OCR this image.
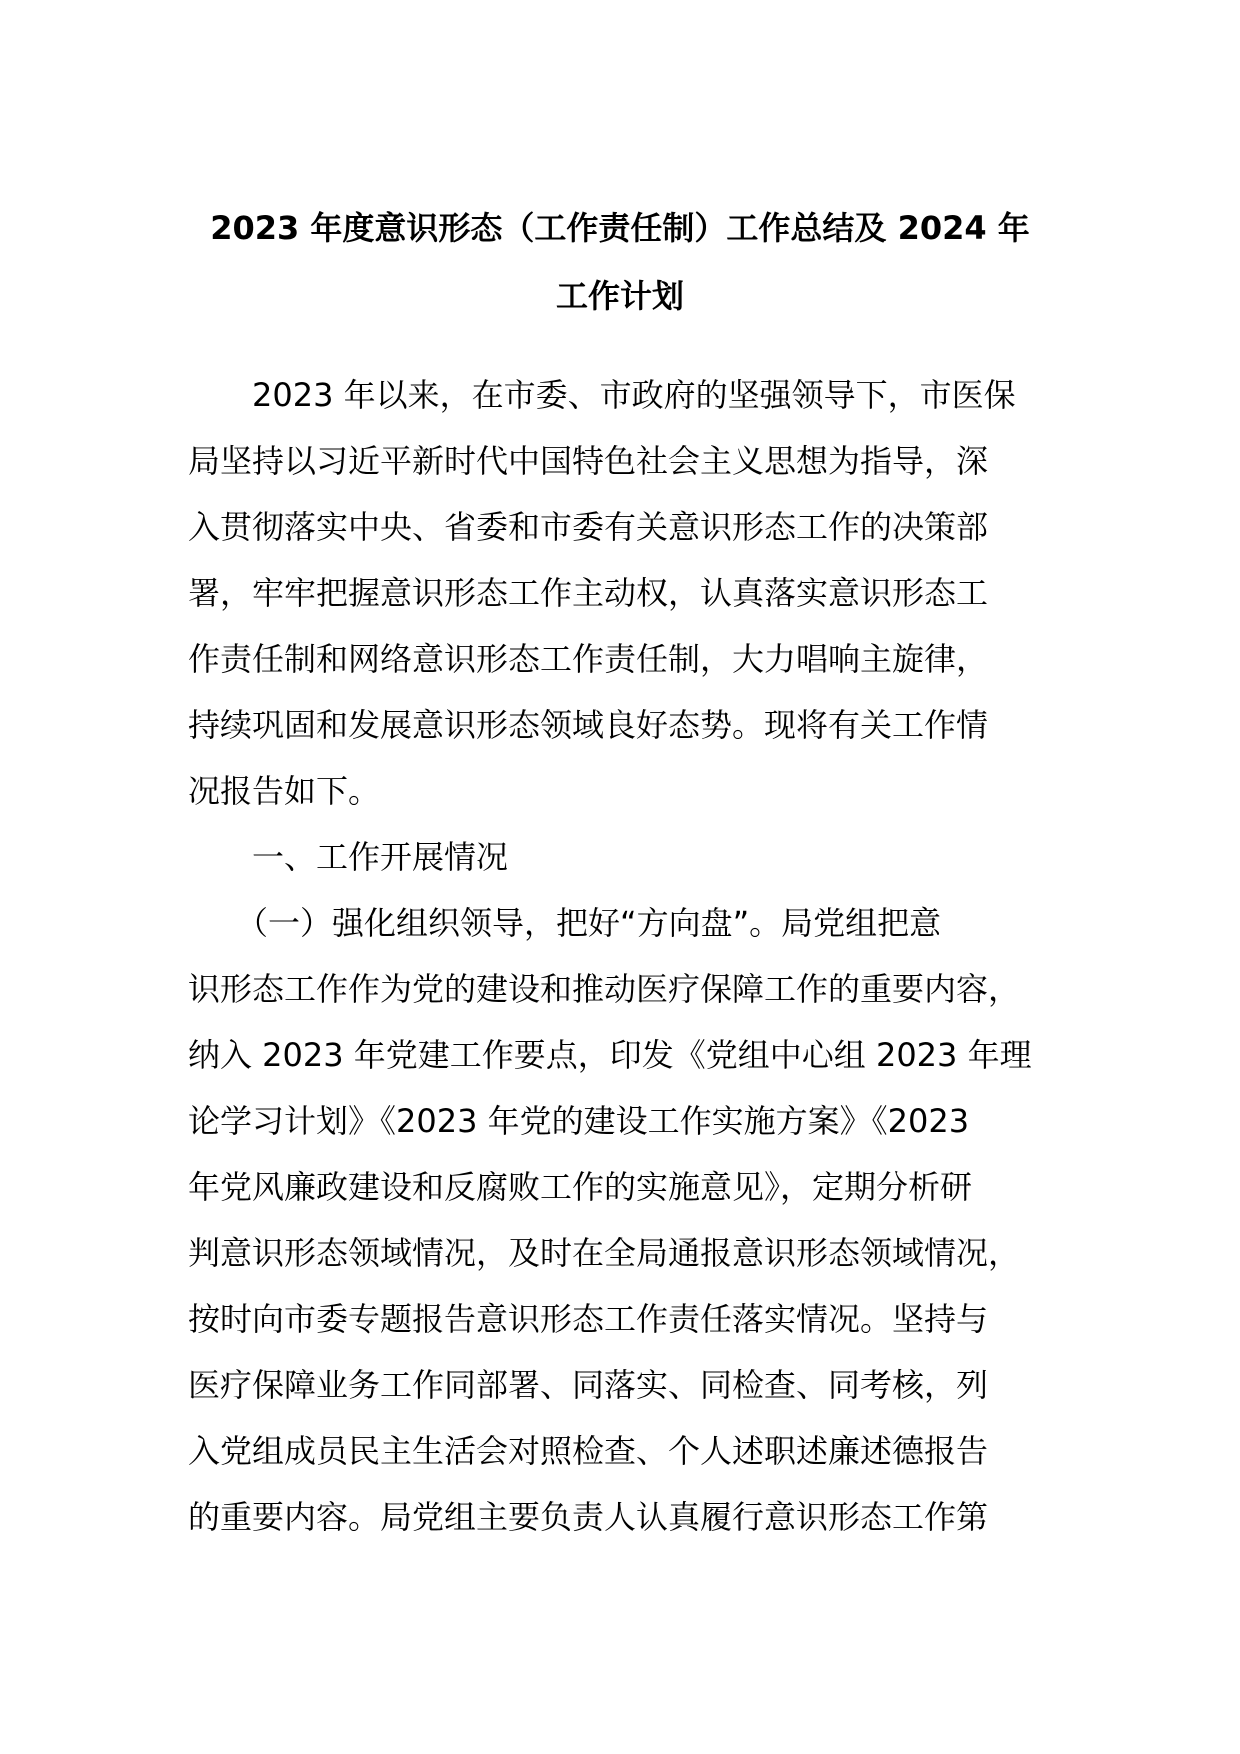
2023 年度意识形态（工作责任制）工作总结及 2024 年
工作计划
　　2023 年以来，在市委、市政府的坚强领导下，市医保
局坚持以习近平新时代中国特色社会主义思想为指导，深
入贯彻落实中央、省委和市委有关意识形态工作的决策部
署，牢牢把握意识形态工作主动权，认真落实意识形态工
作责任制和网络意识形态工作责任制，大力唱响主旋律，
持续巩固和发展意识形态领域良好态势。现将有关工作情
况报告如下。
　　一、工作开展情况
　　（一）强化组织领导，把好“方向盘”。局党组把意
识形态工作作为党的建设和推动医疗保障工作的重要内容，
纳入 2023 年党建工作要点，印发《党组中心组 2023 年理
论学习计划》《2023 年党的建设工作实施方案》《2023
年党风廉政建设和反腐败工作的实施意见》，定期分析研
判意识形态领域情况，及时在全局通报意识形态领域情况，
按时向市委专题报告意识形态工作责任落实情况。坚持与
医疗保障业务工作同部署、同落实、同检查、同考核，列
入党组成员民主生活会对照检查、个人述职述廉述德报告
的重要内容。局党组主要负责人认真履行意识形态工作第
